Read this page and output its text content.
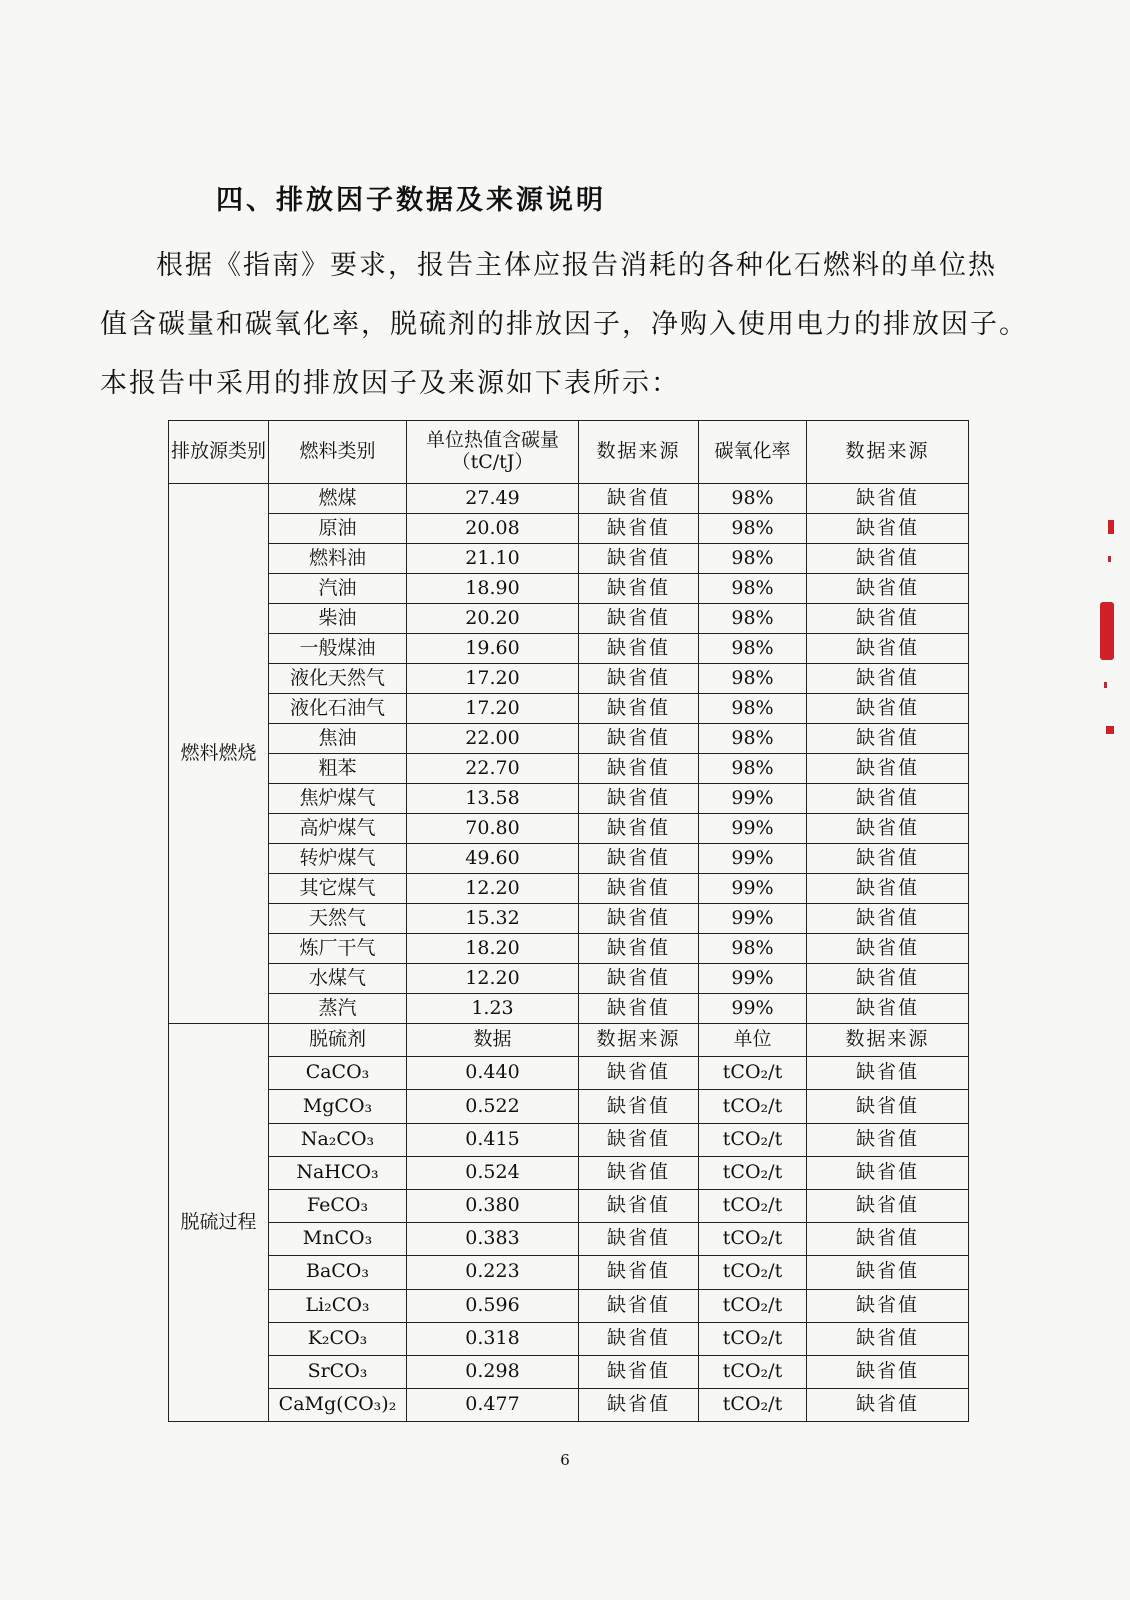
四、排放因子数据及来源说明
根据《指南》要求，报告主体应报告消耗的各种化石燃料的单位热
值含碳量和碳氧化率，脱硫剂的排放因子，净购入使用电力的排放因子。
本报告中采用的排放因子及来源如下表所示：
排放源类别	燃料类别	单位热值含碳量（tC/tJ）	数据来源	碳氧化率	数据来源
燃料燃烧	燃煤	27.49	缺省值	98%	缺省值
	原油	20.08	缺省值	98%	缺省值
	燃料油	21.10	缺省值	98%	缺省值
	汽油	18.90	缺省值	98%	缺省值
	柴油	20.20	缺省值	98%	缺省值
	一般煤油	19.60	缺省值	98%	缺省值
	液化天然气	17.20	缺省值	98%	缺省值
	液化石油气	17.20	缺省值	98%	缺省值
	焦油	22.00	缺省值	98%	缺省值
	粗苯	22.70	缺省值	98%	缺省值
	焦炉煤气	13.58	缺省值	99%	缺省值
	高炉煤气	70.80	缺省值	99%	缺省值
	转炉煤气	49.60	缺省值	99%	缺省值
	其它煤气	12.20	缺省值	99%	缺省值
	天然气	15.32	缺省值	99%	缺省值
	炼厂干气	18.20	缺省值	98%	缺省值
	水煤气	12.20	缺省值	99%	缺省值
	蒸汽	1.23	缺省值	99%	缺省值
脱硫过程	脱硫剂	数据	数据来源	单位	数据来源
	CaCO₃	0.440	缺省值	tCO₂/t	缺省值
	MgCO₃	0.522	缺省值	tCO₂/t	缺省值
	Na₂CO₃	0.415	缺省值	tCO₂/t	缺省值
	NaHCO₃	0.524	缺省值	tCO₂/t	缺省值
	FeCO₃	0.380	缺省值	tCO₂/t	缺省值
	MnCO₃	0.383	缺省值	tCO₂/t	缺省值
	BaCO₃	0.223	缺省值	tCO₂/t	缺省值
	Li₂CO₃	0.596	缺省值	tCO₂/t	缺省值
	K₂CO₃	0.318	缺省值	tCO₂/t	缺省值
	SrCO₃	0.298	缺省值	tCO₂/t	缺省值
	CaMg(CO₃)₂	0.477	缺省值	tCO₂/t	缺省值
6
